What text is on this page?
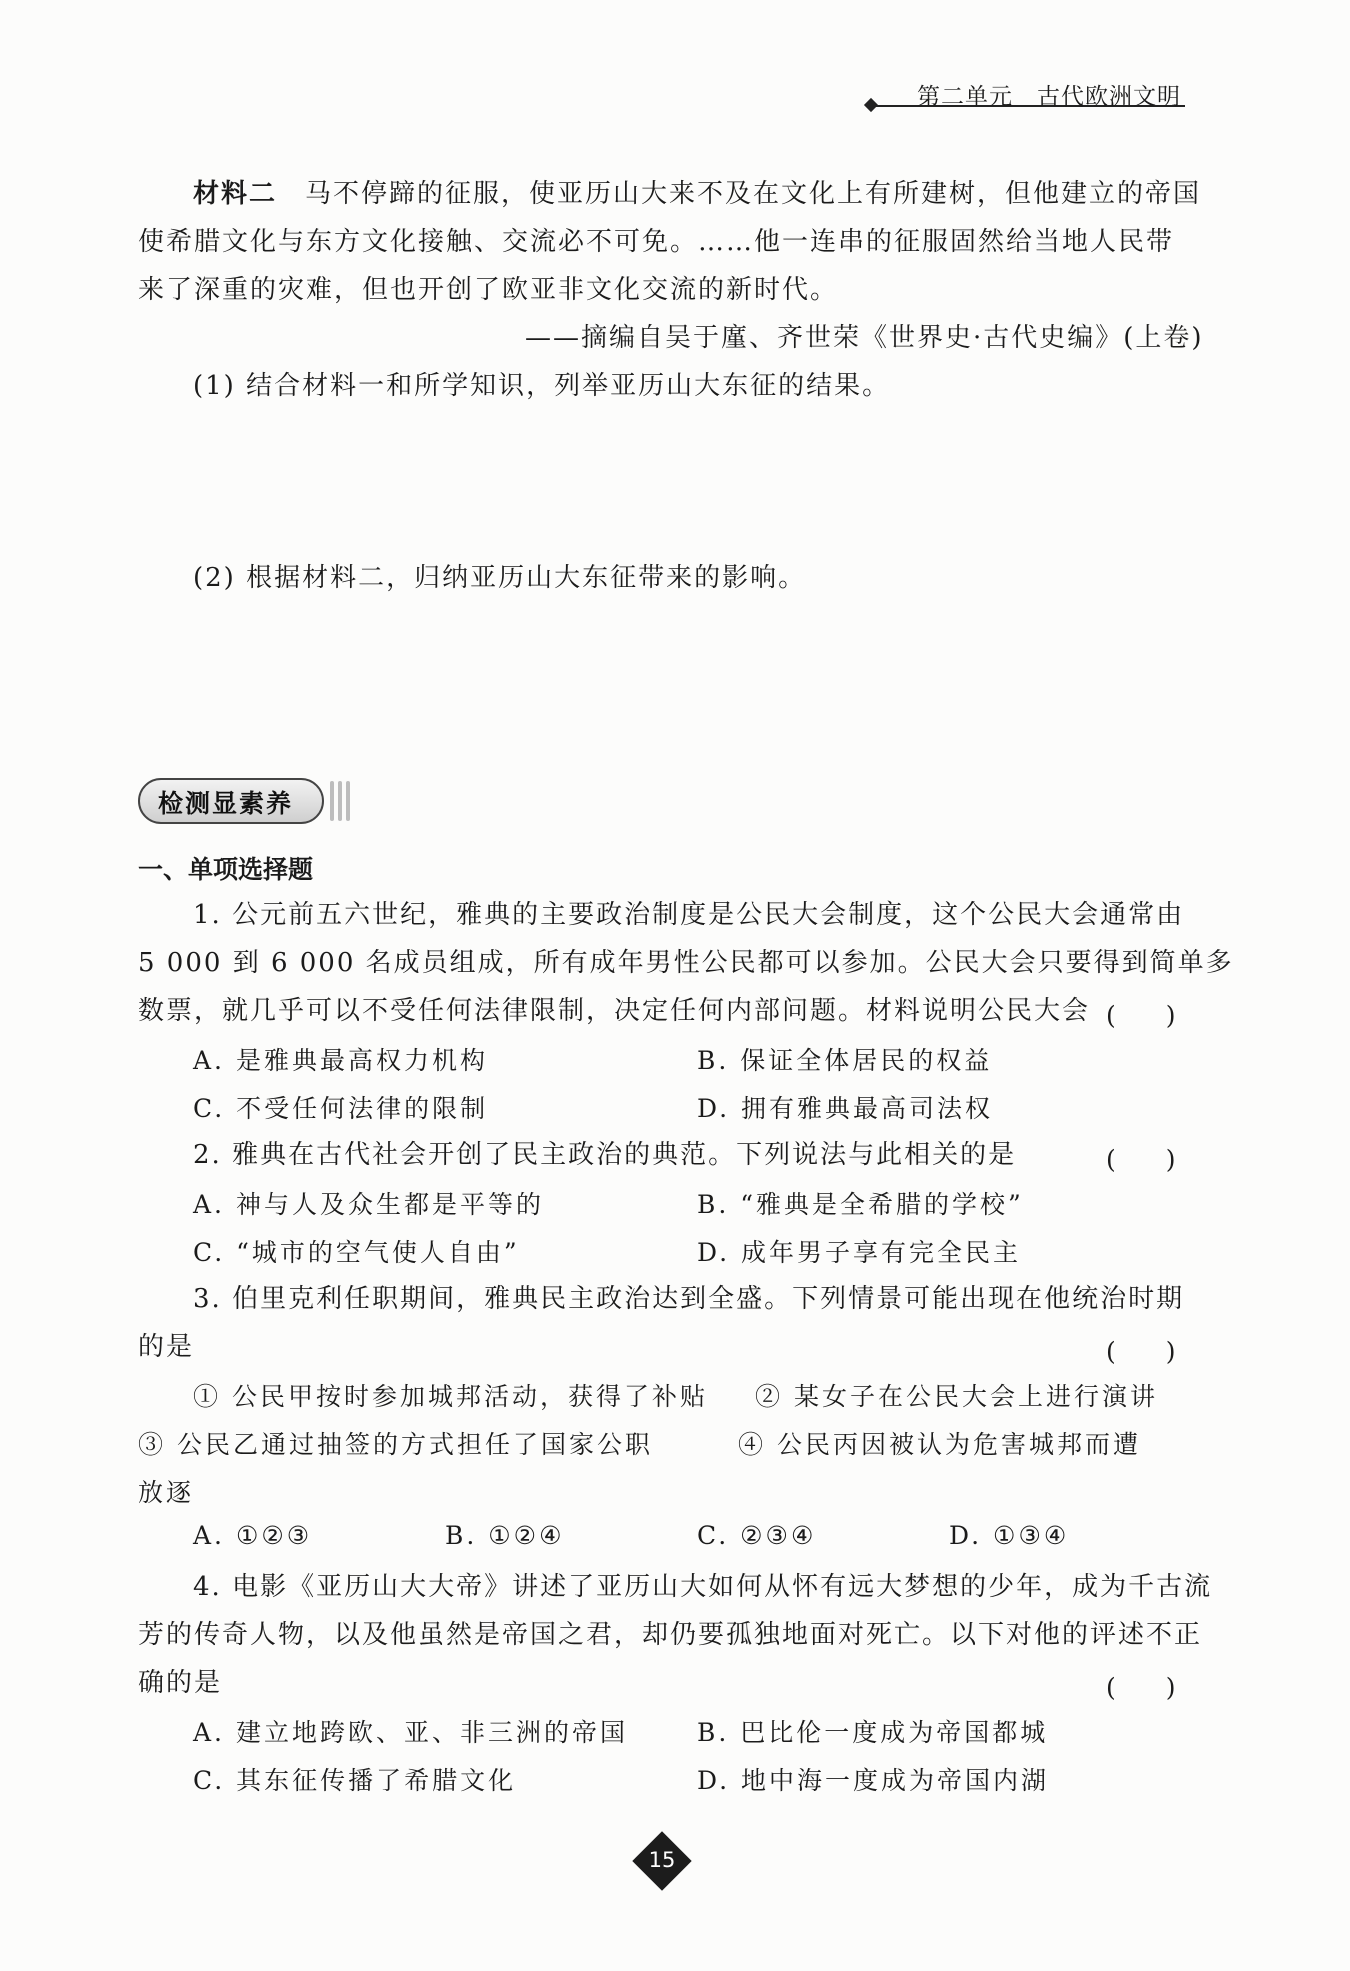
第二单元　古代欧洲文明
材料二　 马不停蹄的征服，使亚历山大来不及在文化上有所建树，但他建立的帝国
使希腊文化与东方文化接触、交流必不可免。……他一连串的征服固然给当地人民带
来了深重的灾难，但也开创了欧亚非文化交流的新时代。
——摘编自吴于廑、齐世荣《世界史·古代史编》(上卷)
(1) 结合材料一和所学知识，列举亚历山大东征的结果。
(2) 根据材料二，归纳亚历山大东征带来的影响。
检测显素养
一、单项选择题
1. 公元前五六世纪，雅典的主要政治制度是公民大会制度，这个公民大会通常由
5 000 到 6 000 名成员组成，所有成年男性公民都可以参加。公民大会只要得到简单多
数票，就几乎可以不受任何法律限制，决定任何内部问题。材料说明公民大会 (　　)
A. 是雅典最高权力机构	B. 保证全体居民的权益
C. 不受任何法律的限制	D. 拥有雅典最高司法权
2. 雅典在古代社会开创了民主政治的典范。下列说法与此相关的是	(　　)
A. 神与人及众生都是平等的	B. “雅典是全希腊的学校”
C. “城市的空气使人自由”	D. 成年男子享有完全民主
3. 伯里克利任职期间，雅典民主政治达到全盛。下列情景可能出现在他统治时期
的是	(　　)
① 公民甲按时参加城邦活动，获得了补贴 ② 某女子在公民大会上进行演讲
③ 公民乙通过抽签的方式担任了国家公职	④ 公民丙因被认为危害城邦而遭
放逐
A. ①②③	B. ①②④	C. ②③④	D. ①③④
4. 电影《亚历山大大帝》讲述了亚历山大如何从怀有远大梦想的少年，成为千古流
芳的传奇人物，以及他虽然是帝国之君，却仍要孤独地面对死亡。以下对他的评述不正
确的是	(　　)
A. 建立地跨欧、亚、非三洲的帝国	B. 巴比伦一度成为帝国都城
C. 其东征传播了希腊文化	D. 地中海一度成为帝国内湖
15
